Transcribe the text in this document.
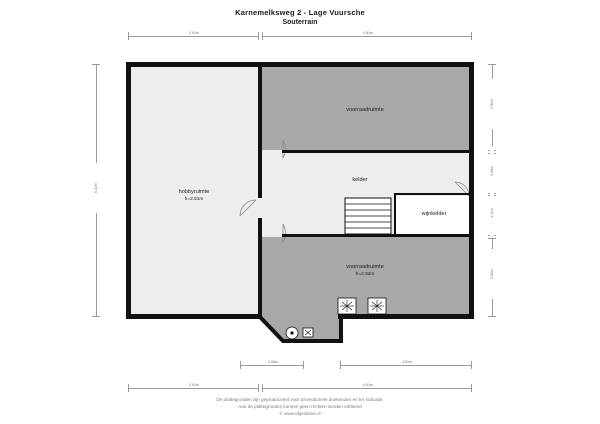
Karnemelksweg 2 - Lage Vuursche
Souterrain
hobbyruimte
h=2.51m
voorraadruimte
kelder
wijnkelder
voorraadruimte
h=2.92m
3.91m	4.81m
6.42m
1.91m
1.08m
1.11m
1.82m
2.06m	4.01m
3.91m	4.61m
De plattegronden zijn geproduceerd voor promotionele doeleinden en ter indicatie.
Aan de plattegronden kunnen geen rechten worden ontleend
© www.objectieve.nl
